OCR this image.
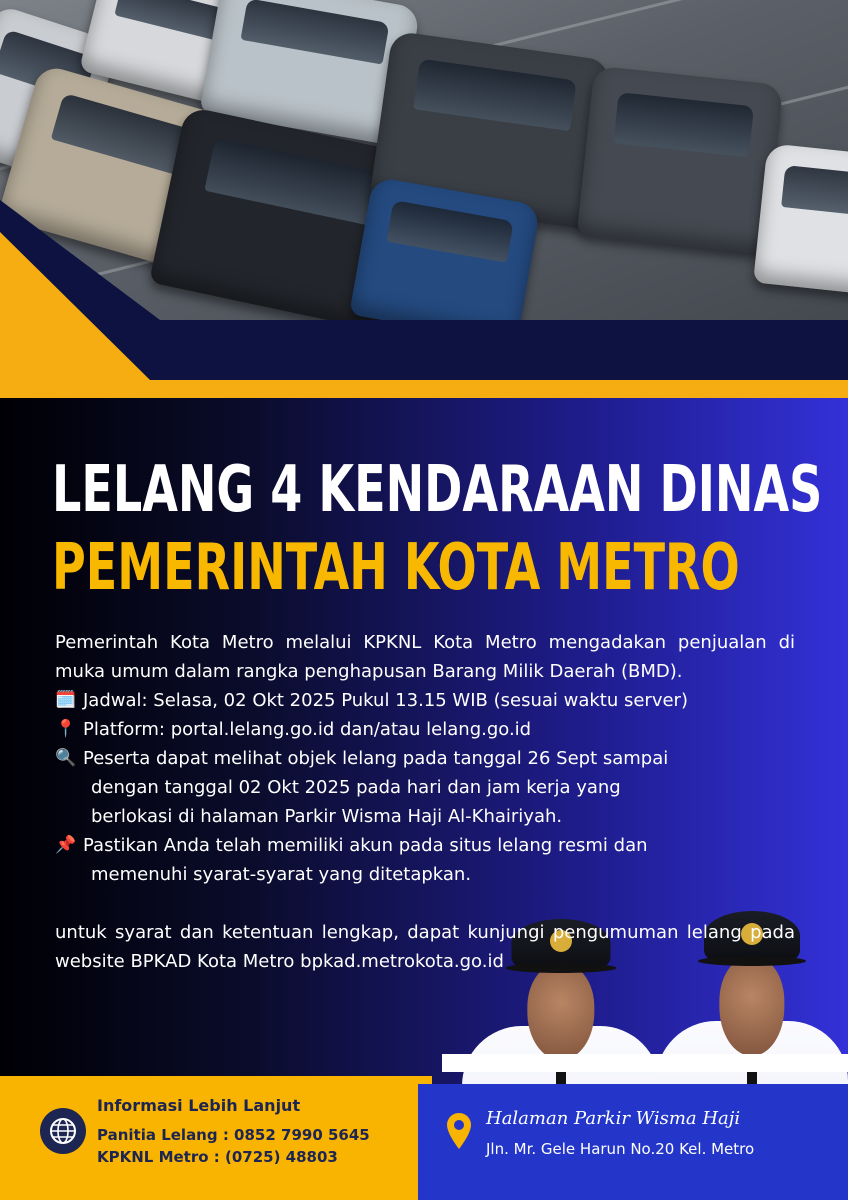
LELANG 4 KENDARAAN DINAS
PEMERINTAH KOTA METRO

Pemerintah Kota Metro melalui KPKNL Kota Metro mengadakan penjualan di muka umum dalam rangka penghapusan Barang Milik Daerah (BMD).

🗓️ Jadwal: Selasa, 02 Okt 2025 Pukul 13.15 WIB (sesuai waktu server)
📍 Platform: portal.lelang.go.id dan/atau lelang.go.id
🔍 Peserta dapat melihat objek lelang pada tanggal 26 Sept sampai
dengan tanggal 02 Okt 2025 pada hari dan jam kerja yang
berlokasi di halaman Parkir Wisma Haji Al-Khairiyah.
📌 Pastikan Anda telah memiliki akun pada situs lelang resmi dan
memenuhi syarat-syarat yang ditetapkan.

untuk syarat dan ketentuan lengkap, dapat kunjungi pengumuman lelang pada website BPKAD Kota Metro bpkad.metrokota.go.id

Informasi Lebih Lanjut
Panitia Lelang : 0852 7990 5645
KPKNL Metro : (0725) 48803
Halaman Parkir Wisma Haji
Jln. Mr. Gele Harun No.20 Kel. Metro
